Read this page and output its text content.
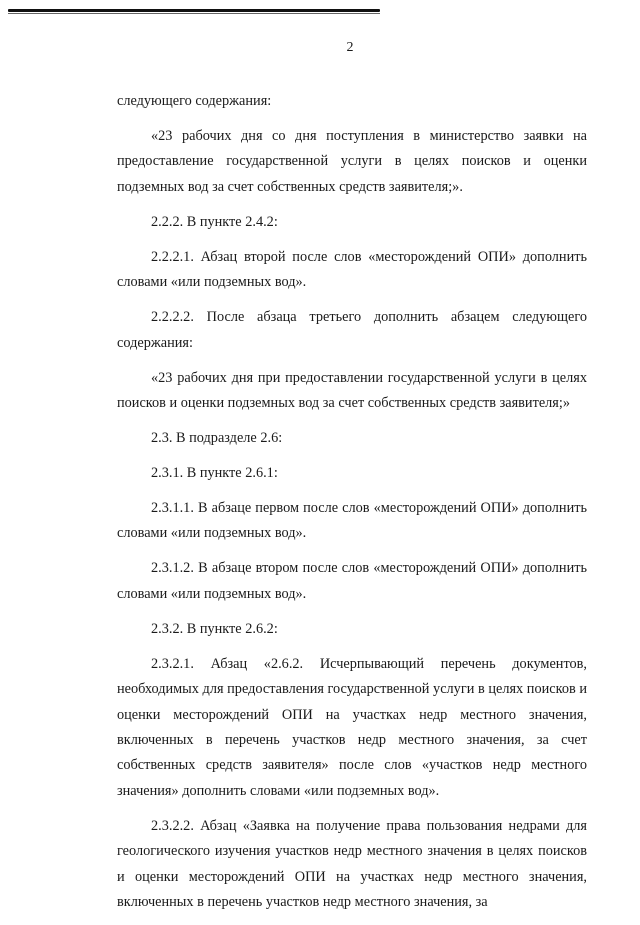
2

следующего содержания:

«23 рабочих дня со дня поступления в министерство заявки на предоставление государственной услуги в целях поисков и оценки подземных вод за счет собственных средств заявителя;».

2.2.2. В пункте 2.4.2:

2.2.2.1. Абзац второй после слов «месторождений ОПИ» дополнить словами «или подземных вод».

2.2.2.2. После абзаца третьего дополнить абзацем следующего содержания:

«23 рабочих дня при предоставлении государственной услуги в целях поисков и оценки подземных вод за счет собственных средств заявителя;»

2.3. В подразделе 2.6:

2.3.1. В пункте 2.6.1:

2.3.1.1. В абзаце первом после слов «месторождений ОПИ» дополнить словами «или подземных вод».

2.3.1.2. В абзаце втором после слов «месторождений ОПИ» дополнить словами «или подземных вод».

2.3.2. В пункте 2.6.2:

2.3.2.1. Абзац «2.6.2. Исчерпывающий перечень документов, необходимых для предоставления государственной услуги в целях поисков и оценки месторождений ОПИ на участках недр местного значения, включенных в перечень участков недр местного значения, за счет собственных средств заявителя» после слов «участков недр местного значения» дополнить словами «или подземных вод».

2.3.2.2. Абзац «Заявка на получение права пользования недрами для геологического изучения участков недр местного значения в целях поисков и оценки месторождений ОПИ на участках недр местного значения, включенных в перечень участков недр местного значения, за
